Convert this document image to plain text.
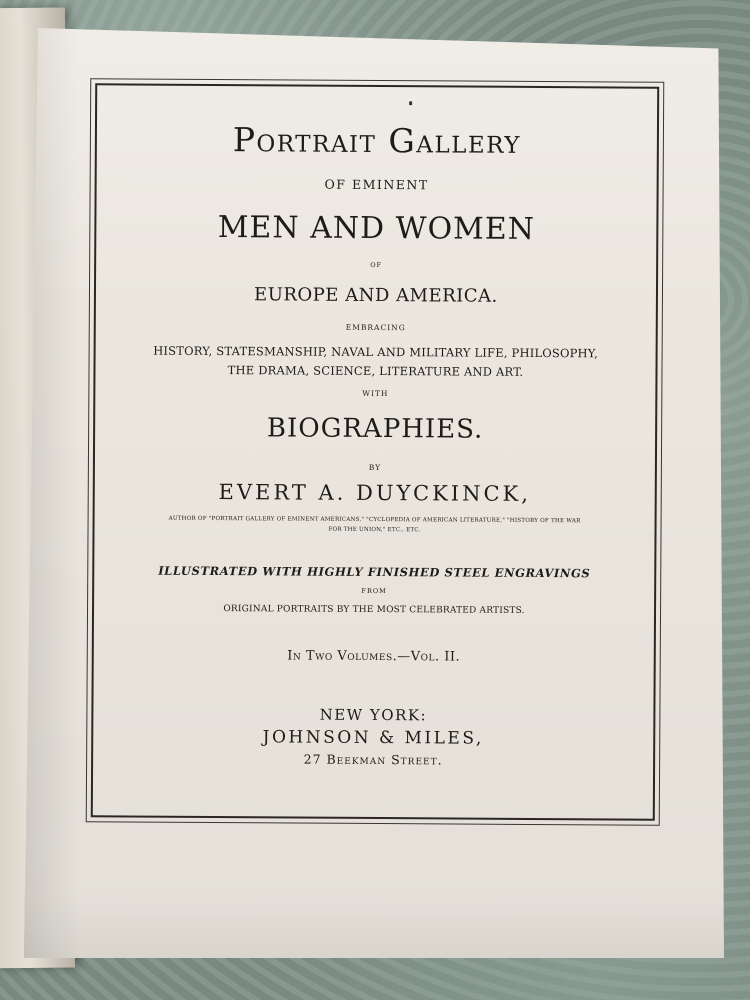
Portrait Gallery
OF EMINENT
MEN AND WOMEN
OF
EUROPE AND AMERICA.
EMBRACING
HISTORY, STATESMANSHIP, NAVAL AND MILITARY LIFE, PHILOSOPHY,
THE DRAMA, SCIENCE, LITERATURE AND ART.
WITH
BIOGRAPHIES.
BY
EVERT A. DUYCKINCK,
AUTHOR OF "PORTRAIT GALLERY OF EMINENT AMERICANS," "CYCLOPEDIA OF AMERICAN LITERATURE," "HISTORY OF THE WAR
FOR THE UNION," ETC., ETC.
ILLUSTRATED WITH HIGHLY FINISHED STEEL ENGRAVINGS
FROM
ORIGINAL PORTRAITS BY THE MOST CELEBRATED ARTISTS.
In Two Volumes.—Vol. II.
NEW YORK:
JOHNSON & MILES,
27 Beekman Street.
